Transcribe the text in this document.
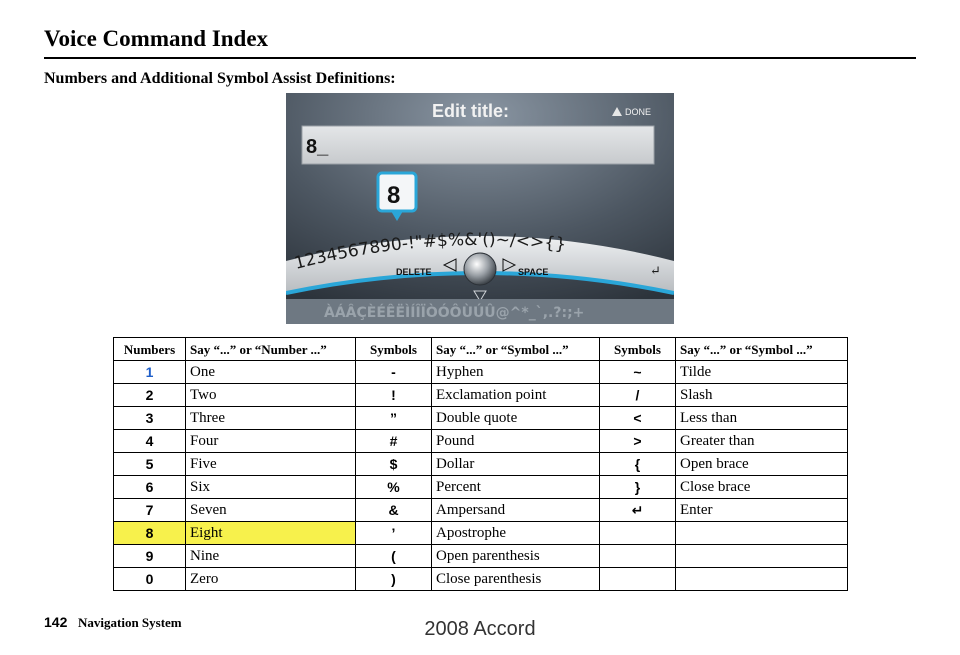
Voice Command Index
Numbers and Additional Symbol Assist Definitions:
Edit title:	DONE
8_
8
1234567890-!"#$%&'()~/<>{}
↵
DELETE	SPACE
ÀÁÂÇÈÉÊËÌÍÎÏÒÓÔÙÚÛ@^*_`,.?:;+
Numbers	Say “...” or “Number ...”	Symbols	Say “...” or “Symbol ...”	Symbols	Say “...” or “Symbol ...”
1	One	-	Hyphen	~	Tilde
2	Two	!	Exclamation point	/	Slash
3	Three	”	Double quote	<	Less than
4	Four	#	Pound	>	Greater than
5	Five	$	Dollar	{	Open brace
6	Six	%	Percent	}	Close brace
7	Seven	&	Ampersand	↵	Enter
8	Eight	’	Apostrophe		
9	Nine	(	Open parenthesis		
0	Zero	)	Close parenthesis		
142 Navigation System	2008 Accord
